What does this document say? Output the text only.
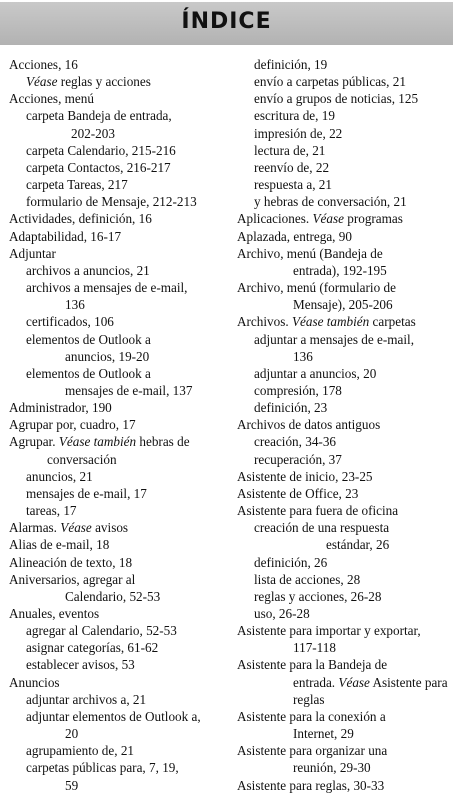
ÍNDICE
Acciones, 16
Véase reglas y acciones
Acciones, menú
carpeta Bandeja de entrada,
202-203
carpeta Calendario, 215-216
carpeta Contactos, 216-217
carpeta Tareas, 217
formulario de Mensaje, 212-213
Actividades, definición, 16
Adaptabilidad, 16-17
Adjuntar
archivos a anuncios, 21
archivos a mensajes de e-mail,
136
certificados, 106
elementos de Outlook a
anuncios, 19-20
elementos de Outlook a
mensajes de e-mail, 137
Administrador, 190
Agrupar por, cuadro, 17
Agrupar. Véase también hebras de
conversación
anuncios, 21
mensajes de e-mail, 17
tareas, 17
Alarmas. Véase avisos
Alias de e-mail, 18
Alineación de texto, 18
Aniversarios, agregar al
Calendario, 52-53
Anuales, eventos
agregar al Calendario, 52-53
asignar categorías, 61-62
establecer avisos, 53
Anuncios
adjuntar archivos a, 21
adjuntar elementos de Outlook a,
20
agrupamiento de, 21
carpetas públicas para, 7, 19,
59
definición, 19
envío a carpetas públicas, 21
envío a grupos de noticias, 125
escritura de, 19
impresión de, 22
lectura de, 21
reenvío de, 22
respuesta a, 21
y hebras de conversación, 21
Aplicaciones. Véase programas
Aplazada, entrega, 90
Archivo, menú (Bandeja de
entrada), 192-195
Archivo, menú (formulario de
Mensaje), 205-206
Archivos. Véase también carpetas
adjuntar a mensajes de e-mail,
136
adjuntar a anuncios, 20
compresión, 178
definición, 23
Archivos de datos antiguos
creación, 34-36
recuperación, 37
Asistente de inicio, 23-25
Asistente de Office, 23
Asistente para fuera de oficina
creación de una respuesta
estándar, 26
definición, 26
lista de acciones, 28
reglas y acciones, 26-28
uso, 26-28
Asistente para importar y exportar,
117-118
Asistente para la Bandeja de
entrada. Véase Asistente para
reglas
Asistente para la conexión a
Internet, 29
Asistente para organizar una
reunión, 29-30
Asistente para reglas, 30-33
